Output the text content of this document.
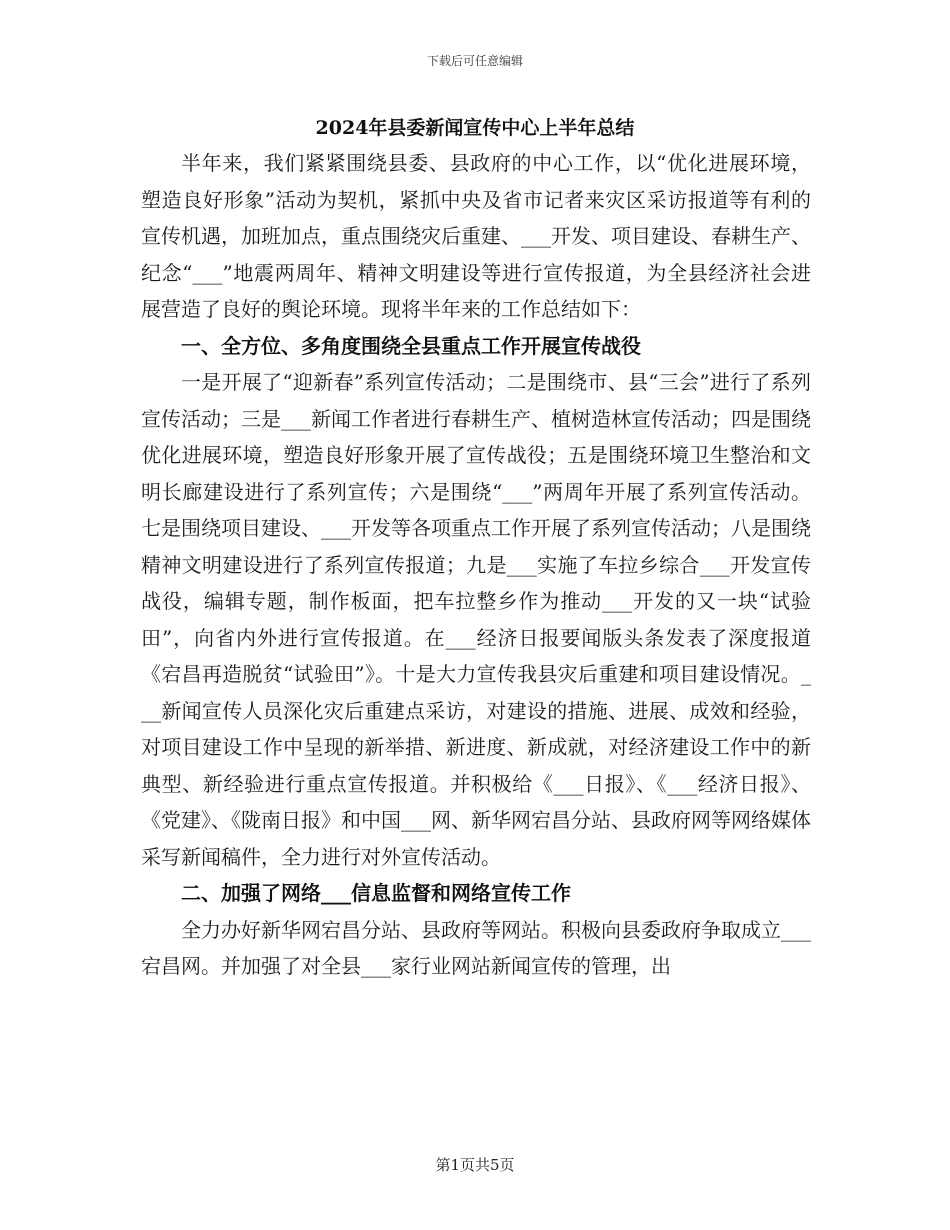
下载后可任意编辑
2024年县委新闻宣传中心上半年总结

半年来，我们紧紧围绕县委、县政府的中心工作，以“优化进展环境，塑造良好形象”活动为契机，紧抓中央及省市记者来灾区采访报道等有利的宣传机遇，加班加点，重点围绕灾后重建、___开发、项目建设、春耕生产、纪念“___”地震两周年、精神文明建设等进行宣传报道，为全县经济社会进展营造了良好的舆论环境。现将半年来的工作总结如下：

一、全方位、多角度围绕全县重点工作开展宣传战役

一是开展了“迎新春”系列宣传活动；二是围绕市、县“三会”进行了系列宣传活动；三是___新闻工作者进行春耕生产、植树造林宣传活动；四是围绕优化进展环境，塑造良好形象开展了宣传战役；五是围绕环境卫生整治和文明长廊建设进行了系列宣传；六是围绕“___”两周年开展了系列宣传活动。七是围绕项目建设、___开发等各项重点工作开展了系列宣传活动；八是围绕精神文明建设进行了系列宣传报道；九是___实施了车拉乡综合___开发宣传战役，编辑专题，制作板面，把车拉整乡作为推动___开发的又一块“试验田”，向省内外进行宣传报道。在___经济日报要闻版头条发表了深度报道《宕昌再造脱贫“试验田”》。十是大力宣传我县灾后重建和项目建设情况。___新闻宣传人员深化灾后重建点采访，对建设的措施、进展、成效和经验，对项目建设工作中呈现的新举措、新进度、新成就，对经济建设工作中的新典型、新经验进行重点宣传报道。并积极给《___日报》、《___经济日报》、《党建》、《陇南日报》和中国___网、新华网宕昌分站、县政府网等网络媒体采写新闻稿件，全力进行对外宣传活动。

二、加强了网络___信息监督和网络宣传工作

全力办好新华网宕昌分站、县政府等网站。积极向县委政府争取成立___宕昌网。并加强了对全县___家行业网站新闻宣传的管理，出

第1页共5页
